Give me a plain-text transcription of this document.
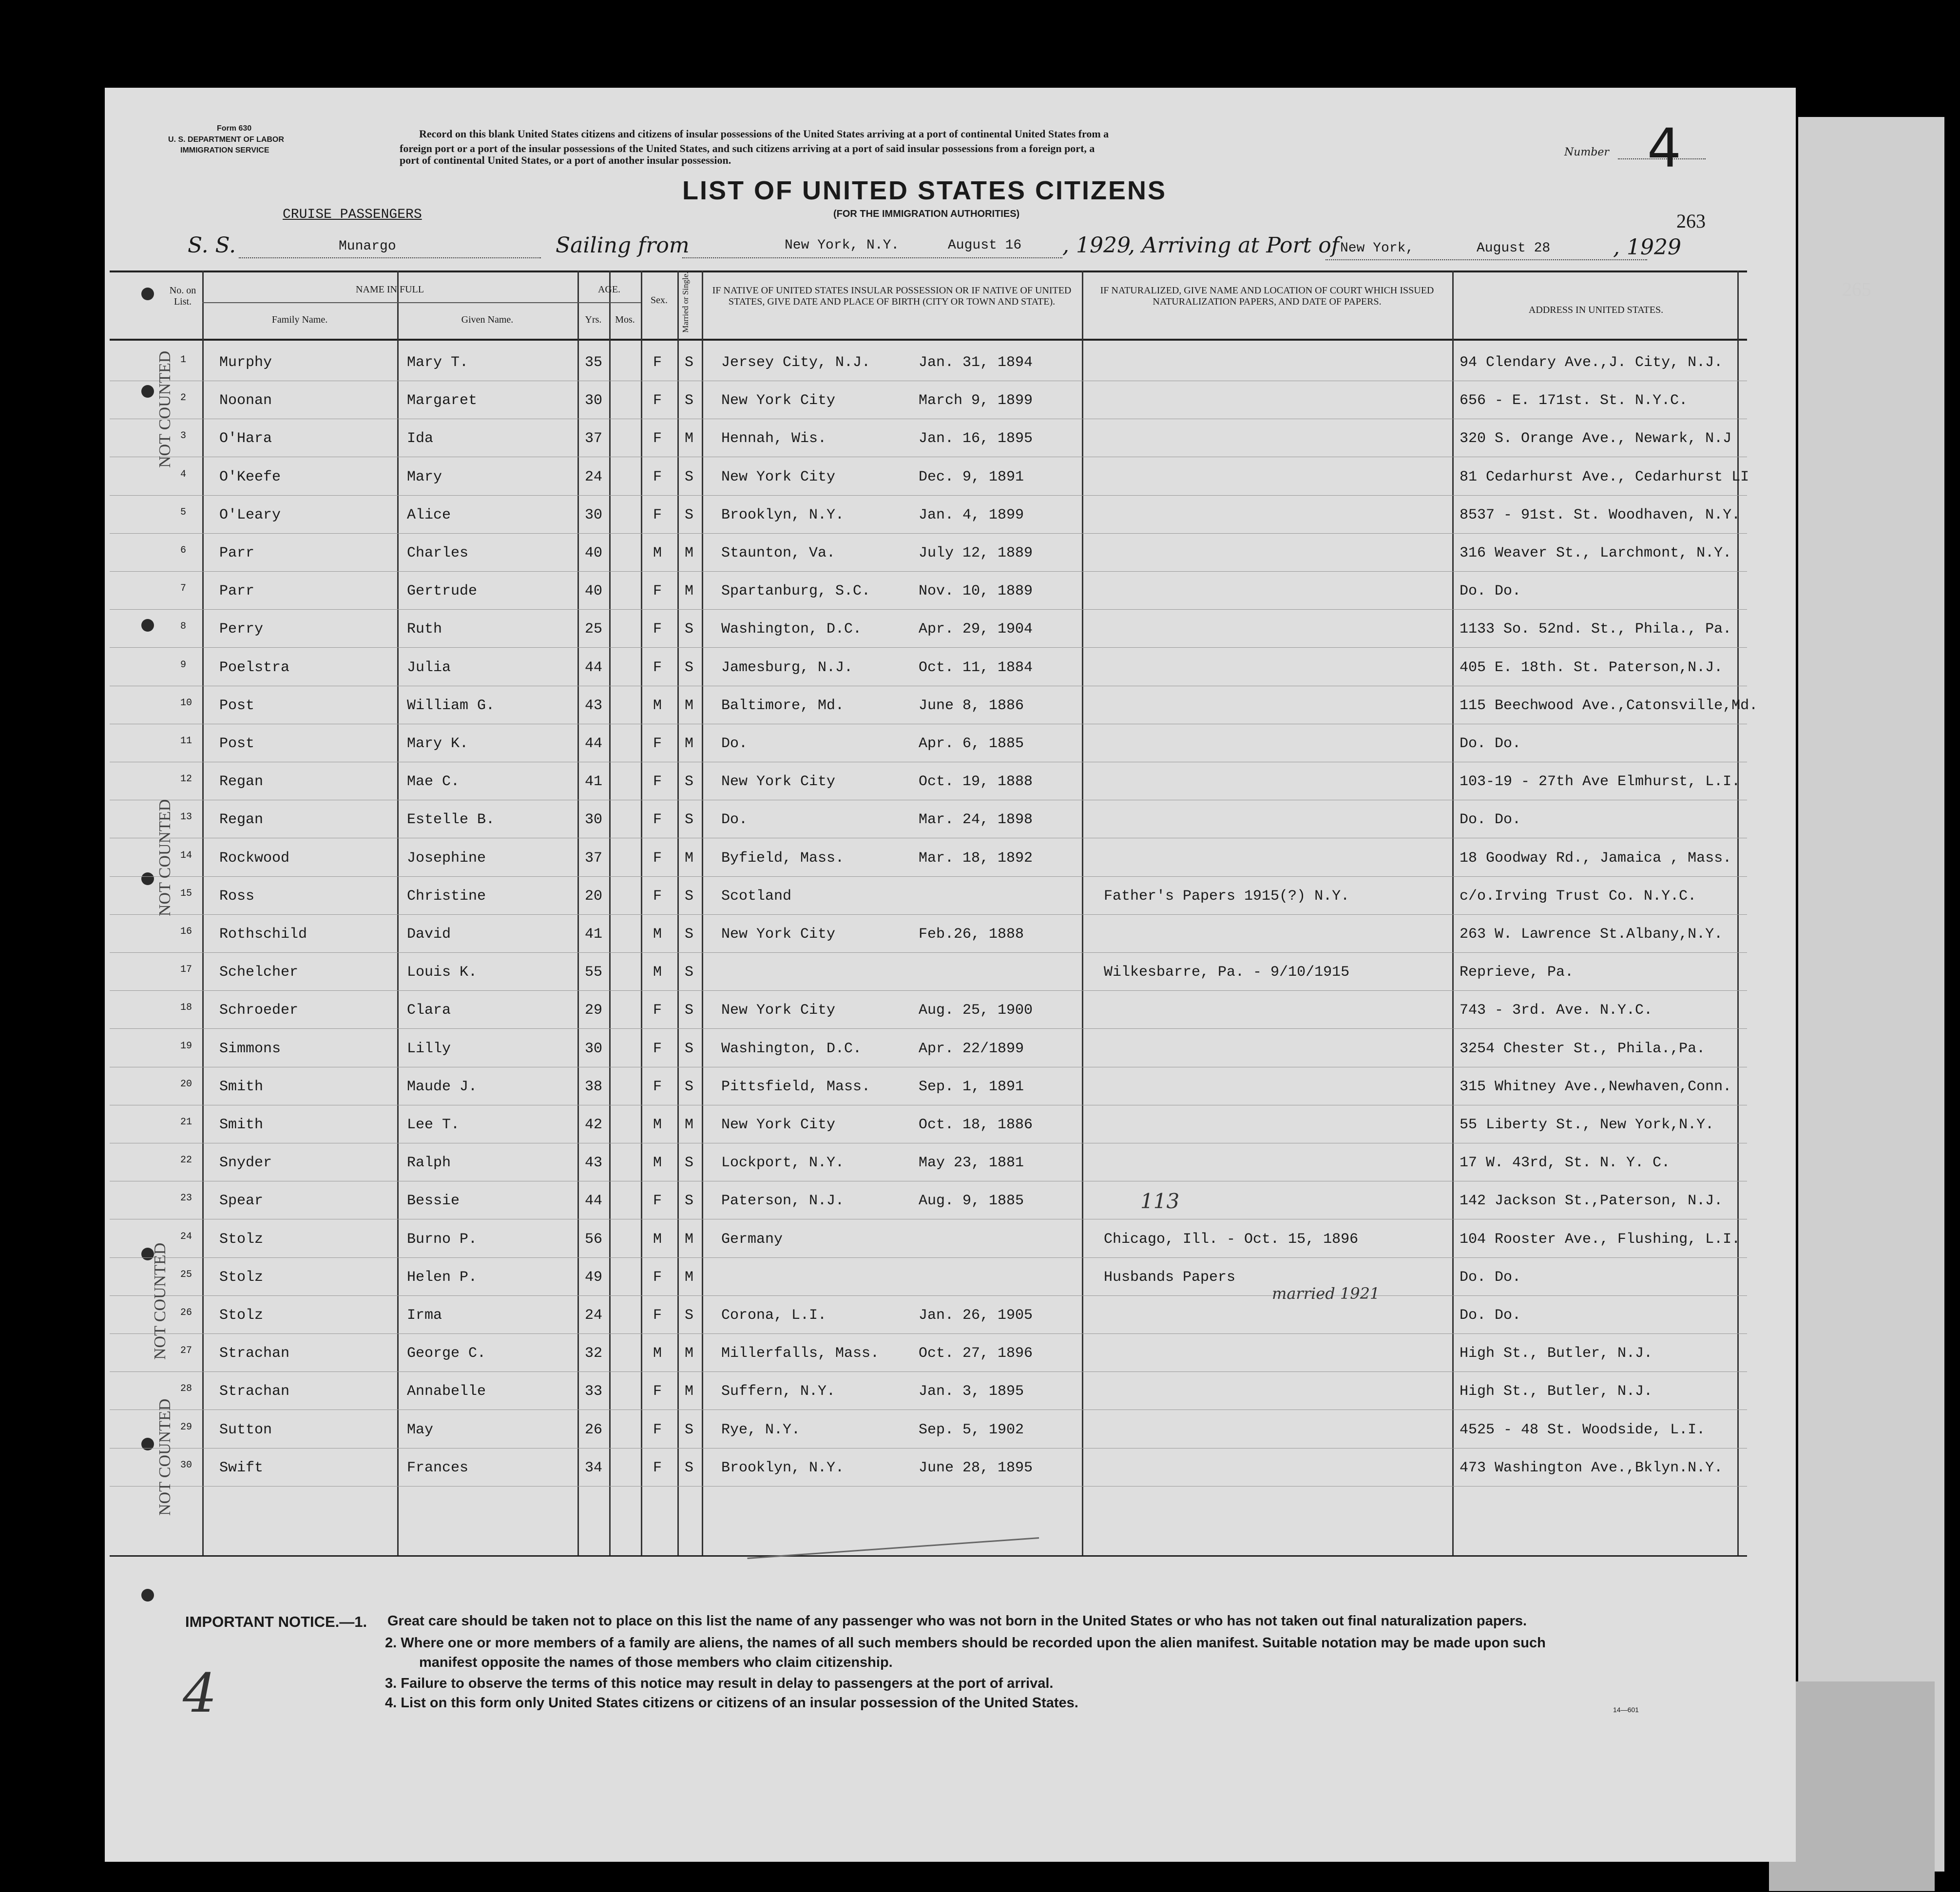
265
Form 630
U. S. DEPARTMENT OF LABOR
IMMIGRATION SERVICE
Record on this blank United States citizens and citizens of insular possessions of the United States arriving at a port of continental United States from a
foreign port or a port of the insular possessions of the United States, and such citizens arriving at a port of said insular possessions from a foreign port, a
port of continental United States, or a port of another insular possession.
Number 4
LIST OF UNITED STATES CITIZENS
(FOR THE IMMIGRATION AUTHORITIES)
CRUISE PASSENGERS	263
S. S.	Munargo	Sailing from	New York, N.Y.	August 16 , 1929
, Arriving at Port of New York,	August 28	, 1929
No. on List.
NAME IN FULL
Family Name.	Given Name.
AGE.
Yrs.	Mos.
Sex.	Married or Single.	IF NATIVE OF UNITED STATES INSULAR POSSESSION OR IF NATIVE OF UNITED STATES, GIVE DATE AND PLACE OF BIRTH (CITY OR TOWN AND STATE).
IF NATURALIZED, GIVE NAME AND LOCATION OF COURT WHICH ISSUED NATURALIZATION PAPERS, AND DATE OF PAPERS.
ADDRESS IN UNITED STATES.
1 Murphy	Mary T.	35	F S Jersey City, N.J.	Jan. 31, 1894	94 Clendary Ave.,J. City, N.J.
2 Noonan	Margaret	30	F S New York City	March 9, 1899	656 - E. 171st. St. N.Y.C.
3 O'Hara	Ida	37	F M Hennah, Wis.	Jan. 16, 1895	320 S. Orange Ave., Newark, N.J
4 O'Keefe	Mary	24	F S New York City	Dec. 9, 1891	81 Cedarhurst Ave., Cedarhurst LI
5 O'Leary	Alice	30	F S Brooklyn, N.Y.	Jan. 4, 1899	8537 - 91st. St. Woodhaven, N.Y.
6 Parr	Charles	40	M M Staunton, Va.	July 12, 1889	316 Weaver St., Larchmont, N.Y.
7 Parr	Gertrude	40	F M Spartanburg, S.C.	Nov. 10, 1889	Do. Do.
8 Perry	Ruth	25	F S Washington, D.C.	Apr. 29, 1904	1133 So. 52nd. St., Phila., Pa.
9 Poelstra	Julia	44	F S Jamesburg, N.J.	Oct. 11, 1884	405 E. 18th. St. Paterson,N.J.
10 Post	William G.	43	M M Baltimore, Md.	June 8, 1886	115 Beechwood Ave.,Catonsville,Md.
11 Post	Mary K.	44	F M Do.	Apr. 6, 1885	Do. Do.
12 Regan	Mae C.	41	F S New York City	Oct. 19, 1888	103-19 - 27th Ave Elmhurst, L.I.
13 Regan	Estelle B.	30	F S Do.	Mar. 24, 1898	Do. Do.
14 Rockwood	Josephine	37	F M Byfield, Mass.	Mar. 18, 1892	18 Goodway Rd., Jamaica , Mass.
15 Ross	Christine	20	F S Scotland	Father's Papers 1915(?) N.Y.	c/o.Irving Trust Co. N.Y.C.
16 Rothschild	David	41	M S New York City	Feb.26, 1888	263 W. Lawrence St.Albany,N.Y.
17 Schelcher	Louis K.	55	M S	Wilkesbarre, Pa. - 9/10/1915	Reprieve, Pa.
18 Schroeder	Clara	29	F S New York City	Aug. 25, 1900	743 - 3rd. Ave. N.Y.C.
19 Simmons	Lilly	30	F S Washington, D.C.	Apr. 22/1899	3254 Chester St., Phila.,Pa.
20 Smith	Maude J.	38	F S Pittsfield, Mass.	Sep. 1, 1891	315 Whitney Ave.,Newhaven,Conn.
21 Smith	Lee T.	42	M M New York City	Oct. 18, 1886	55 Liberty St., New York,N.Y.
22 Snyder	Ralph	43	M S Lockport, N.Y.	May 23, 1881	17 W. 43rd, St. N. Y. C.
23 Spear	Bessie	44	F S Paterson, N.J.	Aug. 9, 1885	142 Jackson St.,Paterson, N.J.
24 Stolz	Burno P.	56	M M Germany	Chicago, Ill. - Oct. 15, 1896	104 Rooster Ave., Flushing, L.I.
25 Stolz	Helen P.	49	F M	Husbands Papers	Do. Do.
26 Stolz	Irma	24	F S Corona, L.I.	Jan. 26, 1905	Do. Do.
27 Strachan	George C.	32	M M Millerfalls, Mass.	Oct. 27, 1896	High St., Butler, N.J.
28 Strachan	Annabelle	33	F M Suffern, N.Y.	Jan. 3, 1895	High St., Butler, N.J.
29 Sutton	May	26	F S Rye, N.Y.	Sep. 5, 1902	4525 - 48 St. Woodside, L.I.
30 Swift	Frances	34	F S Brooklyn, N.Y.	June 28, 1895	473 Washington Ave.,Bklyn.N.Y.
NOT COUNTED
NOT COUNTED
NOT COUNTED
NOT COUNTED
113
married 1921
4
IMPORTANT NOTICE.—1. Great care should be taken not to place on this list the name of any passenger who was not born in the United States or who has not taken out final naturalization papers.
2. Where one or more members of a family are aliens, the names of all such members should be recorded upon the alien manifest. Suitable notation may be made upon such
manifest opposite the names of those members who claim citizenship.
3. Failure to observe the terms of this notice may result in delay to passengers at the port of arrival.
4. List on this form only United States citizens or citizens of an insular possession of the United States.	14—601
